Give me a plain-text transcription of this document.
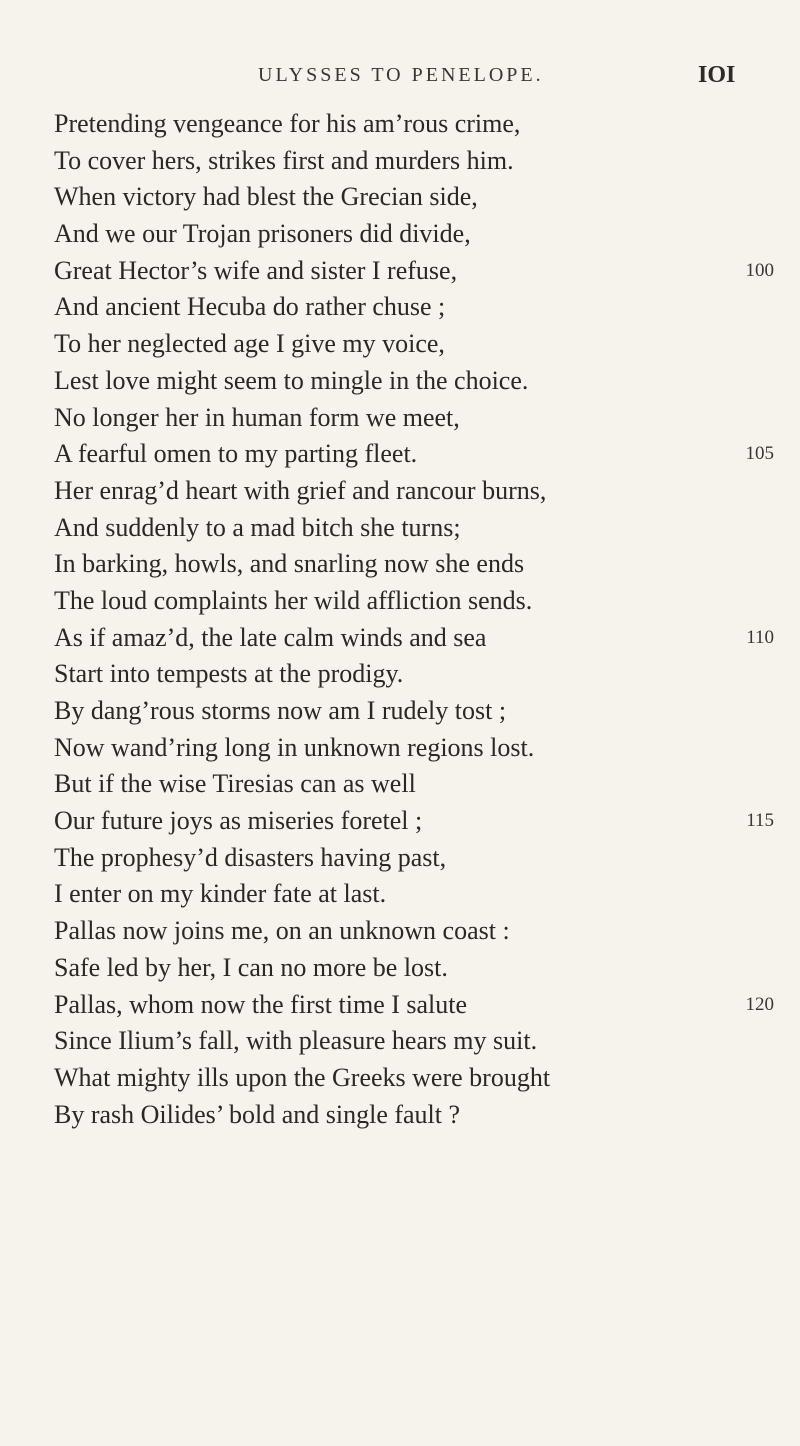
ULYSSES TO PENELOPE.	IOI
Pretending vengeance for his am’rous crime,
To cover hers, strikes first and murders him.
When victory had blest the Grecian side,
And we our Trojan prisoners did divide,
Great Hector’s wife and sister I refuse,	100
And ancient Hecuba do rather chuse ;
To her neglected age I give my voice,
Lest love might seem to mingle in the choice.
No longer her in human form we meet,
A fearful omen to my parting fleet.	105
Her enrag’d heart with grief and rancour burns,
And suddenly to a mad bitch she turns;
In barking, howls, and snarling now she ends
The loud complaints her wild affliction sends.
As if amaz’d, the late calm winds and sea	110
Start into tempests at the prodigy.
By dang’rous storms now am I rudely tost ;
Now wand’ring long in unknown regions lost.
But if the wise Tiresias can as well
Our future joys as miseries foretel ;	115
The prophesy’d disasters having past,
I enter on my kinder fate at last.
Pallas now joins me, on an unknown coast :
Safe led by her, I can no more be lost.
Pallas, whom now the first time I salute	120
Since Ilium’s fall, with pleasure hears my suit.
What mighty ills upon the Greeks were brought
By rash Oilides’ bold and single fault ?
